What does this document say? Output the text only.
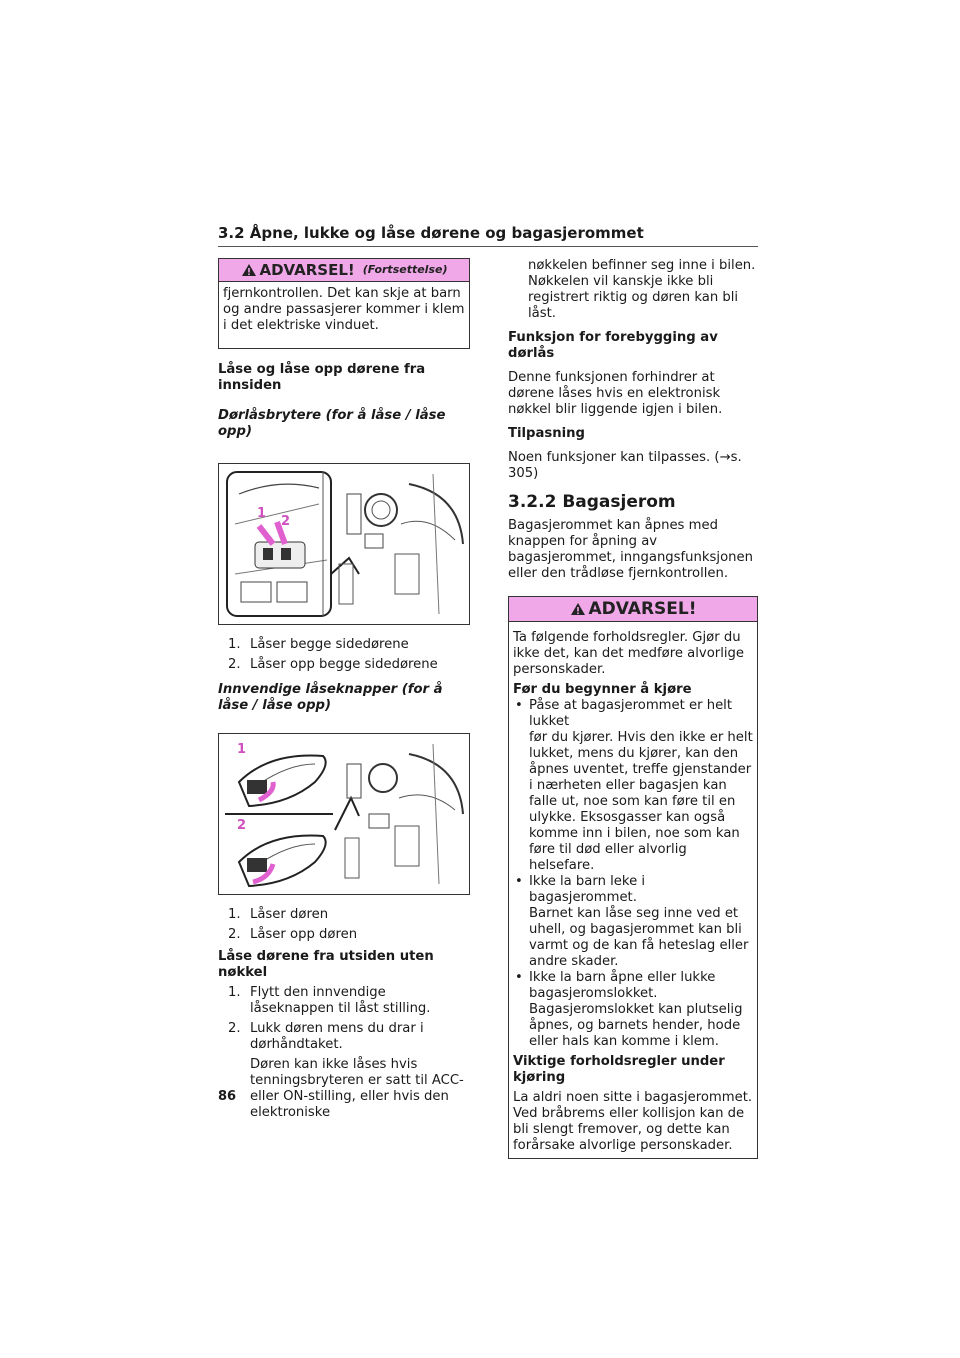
3.2 Åpne, lukke og låse dørene og bagasjerommet
ADVARSEL! (Fortsettelse)

fjernkontrollen. Det kan skje at barn og andre passasjerer kommer i klem i det elektriske vinduet.

Låse og låse opp dørene fra innsiden

Dørlåsbrytere (for å låse / låse opp)

1
2

1. Låser begge sidedørene

2. Låser opp begge sidedørene

Innvendige låseknapper (for å låse / låse opp)

1
2

1. Låser døren

2. Låser opp døren

Låse dørene fra utsiden uten nøkkel

1. Flytt den innvendige låseknappen til låst stilling.

2. Lukk døren mens du drar i dørhåndtaket.

Døren kan ikke låses hvis tenningsbryteren er satt til ACC- eller ON-stilling, eller hvis den elektroniske

nøkkelen befinner seg inne i bilen. Nøkkelen vil kanskje ikke bli registrert riktig og døren kan bli låst.

Funksjon for forebygging av dørlås

Denne funksjonen forhindrer at dørene låses hvis en elektronisk nøkkel blir liggende igjen i bilen.

Tilpasning

Noen funksjoner kan tilpasses. (→s. 305)

3.2.2 Bagasjerom

Bagasjerommet kan åpnes med knappen for åpning av bagasjerommet, inngangsfunksjonen eller den trådløse fjernkontrollen.

ADVARSEL!

Ta følgende forholdsregler. Gjør du ikke det, kan det medføre alvorlige personskader.

Før du begynner å kjøre

• Påse at bagasjerommet er helt lukket

før du kjører. Hvis den ikke er helt lukket, mens du kjører, kan den åpnes uventet, treffe gjenstander i nærheten eller bagasjen kan falle ut, noe som kan føre til en ulykke. Eksosgasser kan også komme inn i bilen, noe som kan føre til død eller alvorlig helsefare.
• Ikke la barn leke i bagasjerommet.

Barnet kan låse seg inne ved et uhell, og bagasjerommet kan bli varmt og de kan få heteslag eller andre skader.
• Ikke la barn åpne eller lukke

bagasjeromslokket. Bagasjeromslokket kan plutselig åpnes, og barnets hender, hode eller hals kan komme i klem.

Viktige forholdsregler under kjøring

La aldri noen sitte i bagasjerommet. Ved bråbrems eller kollisjon kan de bli slengt fremover, og dette kan forårsake alvorlige personskader.

86
